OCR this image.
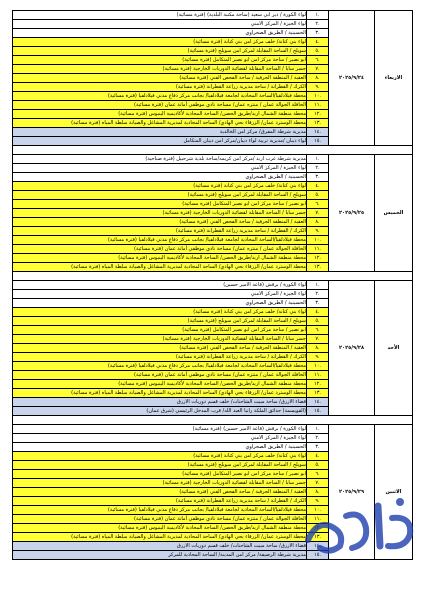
لواء الكورة / دير ابي سعيد (ساحة مكتبة البلدية) (فترة مسائية)	١.	٢٠٢٥/٩/٢٤	الاربعاء
لواء الجيزة / المركز الامني	٢.		
الحسينية / الطريق الصحراوي	٣.		
لواء بني كنانة/ خلف مركز امن بني كنانة (فترة مسائية)	٤.		
سويلح / الساحة المقابلة لمركز امن سويلح (فترة مسائية)	٥.		
ابو نصير / ساحة مركز امن ابو نصير المتكامل (فترة مسائية)	٦.		
جسر سابا / الساحة المقابلة لقضائية الدوريات الخارجية (فترة مسائية)	٧.		
العقبة / المنطقة الحرفية / ساحة الفحص الفني (فترة مسائية)	٨.		
الكرك / القطرانة / ساحة مديرية زراعة القطرانة (فترة مسائية)	٩.		
محطة فيلادلفيا/الساحة المحاذية لجامعة فيلادلفيا/ بجانب مركز دفاع مدني فيلادلفيا (فترة مسائية)	١٠.		
الحافلة الجوالة عمان / منتزه عمان/ مساحة نادي موظفي أمانة عمان (فترة مسائية)	١١.		
محطة منطقة الشمال اربد/طريق الحصن/ الساحة المحاذية لأكاديمية الينبوس (فترة مسائية)	١٢.		
محطة الوسترد عمان/ الزرقاء بحي الهادي/ الساحة المحاذية لمديرية المشاغل والصيانة سلطة المياه (فترة مسائية)	١٣.		
مديرية شرطة المفرق/ مركز امن الخالدية	١٤.		
لواء ذيبان /مديرية تربية لواء ذيبان/مركز امن ذيبان المتكامل	١٥.		

مديرية شرطة غرب اربد /مركز امن كريمه/ساحة بلدية شرحبيل (فترة صباحية)	١.	٢٠٢٥/٩/٢٥	الخميس
لواء الجيزة / المركز الامني	٢.		
الحسينية / الطريق الصحراوي	٣.		
لواء بني كنانة/ خلف مركز امن بني كنانة (فترة مسائية)	٤.		
سويلح / الساحة المقابلة لمركز امن سويلح (فترة مسائية)	٥.		
ابو نصير / ساحة مركز امن ابو نصير المتكامل (فترة مسائية)	٦.		
جسر سابا / الساحة المقابلة لقضائية الدوريات الخارجية (فترة مسائية)	٧.		
العقبة / المنطقة الحرفية / ساحة الفحص الفني (فترة مسائية)	٨.		
الكرك / القطرانة / ساحة مديرية زراعة القطرانة (فترة مسائية)	٩.		
محطة فيلادلفيا/الساحة المحاذية لجامعة فيلادلفيا/ بجانب مركز دفاع مدني فيلادلفيا (فترة مسائية)	١٠.		
الحافلة الجوالة عمان / منتزه عمان/ مساحة نادي موظفي أمانة عمان (فترة مسائية)	١١.		
محطة منطقة الشمال اربد/طريق الحصن/ الساحة المحاذية لأكاديمية الينبوس (فترة مسائية)	١٢.		
محطة الوسترد عمان/ الزرقاء بحي الهادي/ الساحة المحاذية لمديرية المشاغل والصيانة سلطة المياه (فترة مسائية)	١٣.		

لواء الكورة / برقش (قاعة الامير حسين)	١.	٢٠٢٥/٩/٢٨	الأحد
لواء الجيزة / المركز الامني	٢.		
الحسينية / الطريق الصحراوي	٣.		
لواء بني كنانة/ خلف مركز امن بني كنانة (فترة مسائية)	٤.		
سويلح / الساحة المقابلة لمركز امن سويلح (فترة مسائية)	٥.		
ابو نصير / ساحة مركز امن ابو نصير المتكامل (فترة مسائية)	٦.		
جسر سابا / الساحة المقابلة لقضائية الدوريات الخارجية (فترة مسائية)	٧.		
العقبة / المنطقة الحرفية / ساحة الفحص الفني (فترة مسائية)	٨.		
الكرك / القطرانة / ساحة مديرية زراعة القطرانة (فترة مسائية)	٩.		
محطة فيلادلفيا/الساحة المحاذية لجامعة فيلادلفيا/ بجانب مركز دفاع مدني فيلادلفيا (فترة مسائية)	١٠.		
الحافلة الجوالة عمان / منتزه عمان/ مساحة نادي موظفي أمانة عمان (فترة مسائية)	١١.		
محطة منطقة الشمال اربد/طريق الحصن/ الساحة المحاذية لأكاديمية الينبوس (فترة مسائية)	١٢.		
محطة الوسترد عمان/ الزرقاء بحي الهادي/ الساحة المحاذية لمديرية المشاغل والصيانة سلطة المياه (فترة مسائية)	١٣.		
قضاء الازرق/ ساحة مبيت الشاحنات/ خلف قسم دوريات الازرق	١٤.		
(القويسمة) حدائق الملكة رانيا العبد الله/ قرب المدخل الرئيسي (شرق عمان)	١٥.		

لواء الكورة / برقش (قاعة الامير حسين) (فترة مسائية)	١.	٢٠٢٥/٩/٢٩	الاثنين
لواء الجيزة / المركز الامني	٢.		
الحسينية / الطريق الصحراوي	٣.		
لواء بني كنانة/ خلف مركز امن بني كنانة (فترة مسائية)	٤.		
سويلح / الساحة المقابلة لمركز امن سويلح (فترة مسائية)	٥.		
ابو نصير / ساحة مركز امن ابو نصير المتكامل (فترة مسائية)	٦.		
جسر سابا / الساحة المقابلة لقضائية الدوريات الخارجية (فترة مسائية)	٧.		
العقبة / المنطقة الحرفية / ساحة الفحص الفني (فترة مسائية)	٨.		
الكرك / القطرانة / ساحة مديرية زراعة القطرانة (فترة مسائية)	٩.		
محطة فيلادلفيا/الساحة المحاذية لجامعة فيلادلفيا/ بجانب مركز دفاع مدني فيلادلفيا (فترة مسائية)	١٠.		
الحافلة الجوالة عمان / منتزه عمان/ مساحة نادي موظفي أمانة عمان (فترة مسائية)	١١.		
محطة منطقة الشمال اربد/طريق الحصن/ الساحة المحاذية لأكاديمية الينبوس (فترة مسائية)	١٢.		
محطة الوسترد عمان/ الزرقاء بحي الهادي/ الساحة المحاذية لمديرية المشاغل والصيانة سلطة المياه (فترة مسائية)	١٣.		
قضاء الازرق/ ساحة مبيت الشاحنات/ خلف قسم دوريات الازرق	١٤.		
مديرية شرطة الرصيفة/ مركز امن المدينة/ الساحة المحاذية للمركز	١٥.		
